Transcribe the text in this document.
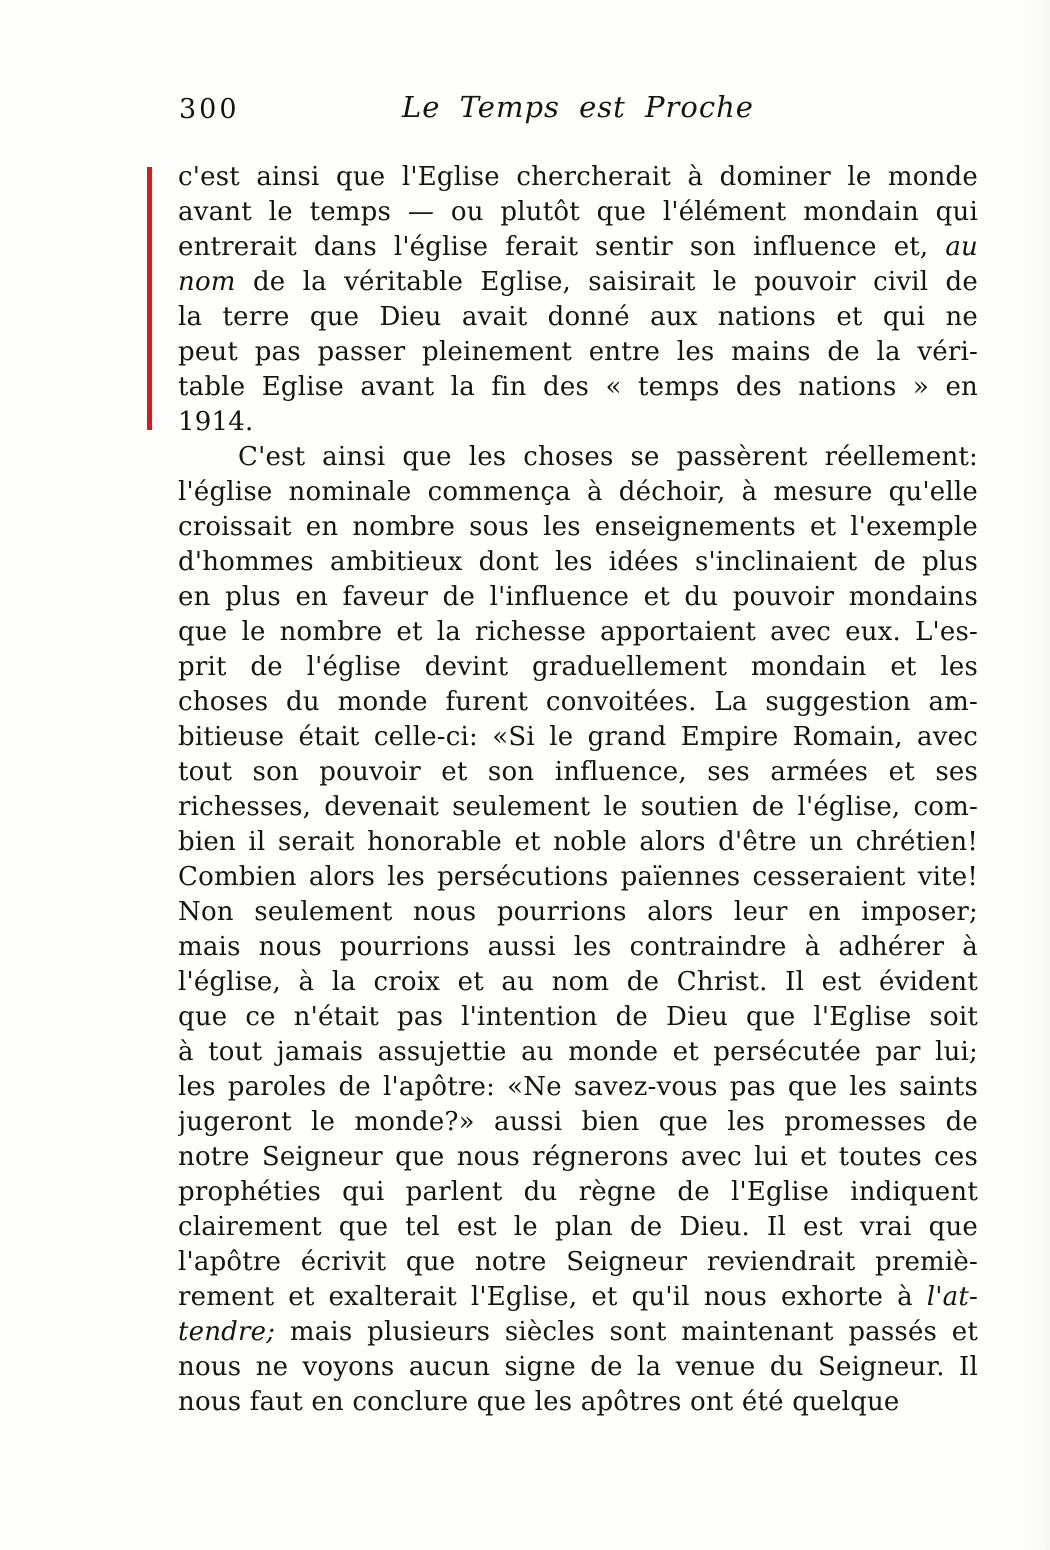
300	Le Temps est Proche
c'est ainsi que l'Eglise chercherait à dominer le monde
avant le temps — ou plutôt que l'élément mondain qui
entrerait dans l'église ferait sentir son influence et, au
nom de la véritable Eglise, saisirait le pouvoir civil de
la terre que Dieu avait donné aux nations et qui ne
peut pas passer pleinement entre les mains de la véri-
table Eglise avant la fin des « temps des nations » en
1914.
C'est ainsi que les choses se passèrent réellement:
l'église nominale commença à déchoir, à mesure qu'elle
croissait en nombre sous les enseignements et l'exemple
d'hommes ambitieux dont les idées s'inclinaient de plus
en plus en faveur de l'influence et du pouvoir mondains
que le nombre et la richesse apportaient avec eux. L'es-
prit de l'église devint graduellement mondain et les
choses du monde furent convoitées. La suggestion am-
bitieuse était celle-ci: «Si le grand Empire Romain, avec
tout son pouvoir et son influence, ses armées et ses
richesses, devenait seulement le soutien de l'église, com-
bien il serait honorable et noble alors d'être un chrétien!
Combien alors les persécutions païennes cesseraient vite!
Non seulement nous pourrions alors leur en imposer;
mais nous pourrions aussi les contraindre à adhérer à
l'église, à la croix et au nom de Christ. Il est évident
que ce n'était pas l'intention de Dieu que l'Eglise soit
à tout jamais assujettie au monde et persécutée par lui;
les paroles de l'apôtre: «Ne savez-vous pas que les saints
jugeront le monde?» aussi bien que les promesses de
notre Seigneur que nous régnerons avec lui et toutes ces
prophéties qui parlent du règne de l'Eglise indiquent
clairement que tel est le plan de Dieu. Il est vrai que
l'apôtre écrivit que notre Seigneur reviendrait premiè-
rement et exalterait l'Eglise, et qu'il nous exhorte à l'at-
tendre; mais plusieurs siècles sont maintenant passés et
nous ne voyons aucun signe de la venue du Seigneur. Il
nous faut en conclure que les apôtres ont été quelque
